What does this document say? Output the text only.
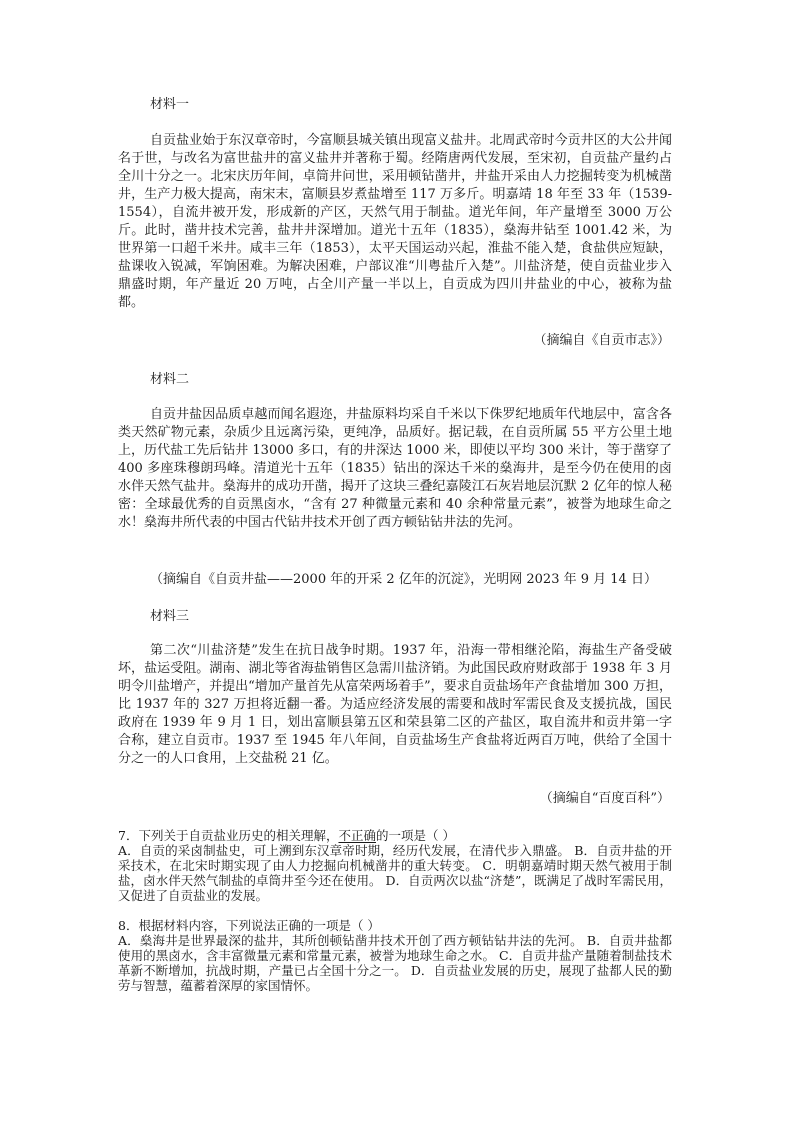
材料一

自贡盐业始于东汉章帝时，今富顺县城关镇出现富义盐井。北周武帝时今贡井区的大公井闻名于世，与改名为富世盐井的富义盐井并著称于蜀。经隋唐两代发展，至宋初，自贡盐产量约占全川十分之一。北宋庆历年间，卓筒井问世，采用顿钻凿井，井盐开采由人力挖掘转变为机械凿井，生产力极大提高，南宋末，富顺县岁煮盐增至 117 万多斤。明嘉靖 18 年至 33 年（1539-1554），自流井被开发，形成新的产区，天然气用于制盐。道光年间，年产量增至 3000 万公斤。此时，凿井技术完善，盐井井深增加。道光十五年（1835），燊海井钻至 1001.42 米，为世界第一口超千米井。咸丰三年（1853），太平天国运动兴起，淮盐不能入楚，食盐供应短缺，盐课收入锐减，军饷困难。为解决困难，户部议准“川粤盐斤入楚”。川盐济楚，使自贡盐业步入鼎盛时期，年产量近 20 万吨，占全川产量一半以上，自贡成为四川井盐业的中心，被称为盐都。

（摘编自《自贡市志》）
材料二

自贡井盐因品质卓越而闻名遐迩，井盐原料均采自千米以下侏罗纪地质年代地层中，富含各类天然矿物元素，杂质少且远离污染，更纯净，品质好。据记载，在自贡所属 55 平方公里土地上，历代盐工先后钻井 13000 多口，有的井深达 1000 米，即使以平均 300 米计，等于凿穿了 400 多座珠穆朗玛峰。清道光十五年（1835）钻出的深达千米的燊海井，是至今仍在使用的卤水伴天然气盐井。燊海井的成功开凿，揭开了这块三叠纪嘉陵江石灰岩地层沉默 2 亿年的惊人秘密：全球最优秀的自贡黑卤水，“含有 27 种微量元素和 40 余种常量元素”，被誉为地球生命之水！燊海井所代表的中国古代钻井技术开创了西方顿钻钻井法的先河。

（摘编自《自贡井盐——2000 年的开采 2 亿年的沉淀》，光明网 2023 年 9 月 14 日）
材料三

第二次“川盐济楚”发生在抗日战争时期。1937 年，沿海一带相继沦陷，海盐生产备受破坏，盐运受阻。湖南、湖北等省海盐销售区急需川盐济销。为此国民政府财政部于 1938 年 3 月明令川盐增产，并提出“增加产量首先从富荣两场着手”，要求自贡盐场年产食盐增加 300 万担，比 1937 年的 327 万担将近翻一番。为适应经济发展的需要和战时军需民食及支援抗战，国民政府在 1939 年 9 月 1 日，划出富顺县第五区和荣县第二区的产盐区，取自流井和贡井第一字合称，建立自贡市。1937 至 1945 年八年间，自贡盐场生产食盐将近两百万吨，供给了全国十分之一的人口食用，上交盐税 21 亿。

（摘编自“百度百科”）

7．下列关于自贡盐业历史的相关理解，不正确的一项是（ ）

A．自贡的采卤制盐史，可上溯到东汉章帝时期，经历代发展，在清代步入鼎盛。 B．自贡井盐的开采技术，在北宋时期实现了由人力挖掘向机械凿井的重大转变。 C．明朝嘉靖时期天然气被用于制盐，卤水伴天然气制盐的卓筒井至今还在使用。 D．自贡两次以盐“济楚”，既满足了战时军需民用，又促进了自贡盐业的发展。

8．根据材料内容，下列说法正确的一项是（ ）

A．燊海井是世界最深的盐井，其所创顿钻凿井技术开创了西方顿钻钻井法的先河。 B．自贡井盐都使用的黑卤水，含丰富微量元素和常量元素，被誉为地球生命之水。 C．自贡井盐产量随着制盐技术革新不断增加，抗战时期，产量已占全国十分之一。 D．自贡盐业发展的历史，展现了盐都人民的勤劳与智慧，蕴蓄着深厚的家国情怀。
